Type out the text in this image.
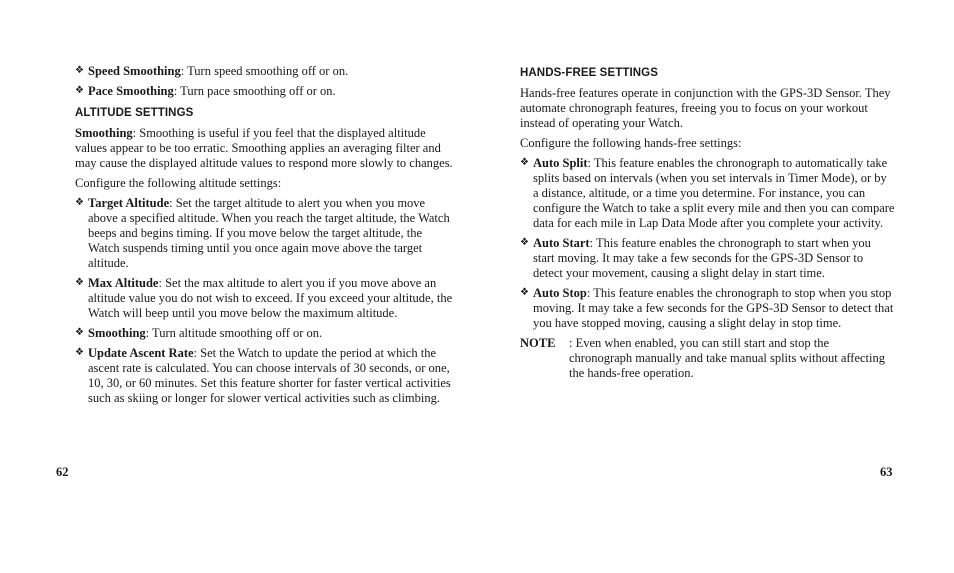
❖ Speed Smoothing: Turn speed smoothing off or on.
❖ Pace Smoothing: Turn pace smoothing off or on.
ALTITUDE SETTINGS

Smoothing: Smoothing is useful if you feel that the displayed altitude values appear to be too erratic. Smoothing applies an averaging filter and may cause the displayed altitude values to respond more slowly to changes.

Configure the following altitude settings:

❖ Target Altitude: Set the target altitude to alert you when you move above a specified altitude. When you reach the target altitude, the Watch beeps and begins timing. If you move below the target altitude, the Watch suspends timing until you once again move above the target altitude.
❖ Max Altitude: Set the max altitude to alert you if you move above an altitude value you do not wish to exceed. If you exceed your altitude, the Watch will beep until you move below the maximum altitude.
❖ Smoothing: Turn altitude smoothing off or on.
❖ Update Ascent Rate: Set the Watch to update the period at which the ascent rate is calculated. You can choose intervals of 30 seconds, or one, 10, 30, or 60 minutes. Set this feature shorter for faster vertical activities such as skiing or longer for slower vertical activities such as climbing.
HANDS-FREE SETTINGS

Hands-free features operate in conjunction with the GPS-3D Sensor. They automate chronograph features, freeing you to focus on your workout instead of operating your Watch.

Configure the following hands-free settings:

❖ Auto Split: This feature enables the chronograph to automatically take splits based on intervals (when you set intervals in Timer Mode), or by a distance, altitude, or a time you determine. For instance, you can configure the Watch to take a split every mile and then you can compare data for each mile in Lap Data Mode after you complete your activity.
❖ Auto Start: This feature enables the chronograph to start when you start moving. It may take a few seconds for the GPS-3D Sensor to detect your movement, causing a slight delay in start time.
❖ Auto Stop: This feature enables the chronograph to stop when you stop moving. It may take a few seconds for the GPS-3D Sensor to detect that you have stopped moving, causing a slight delay in stop time.
NOTE : Even when enabled, you can still start and stop the chronograph manually and take manual splits without affecting the hands-free operation.
62	63
